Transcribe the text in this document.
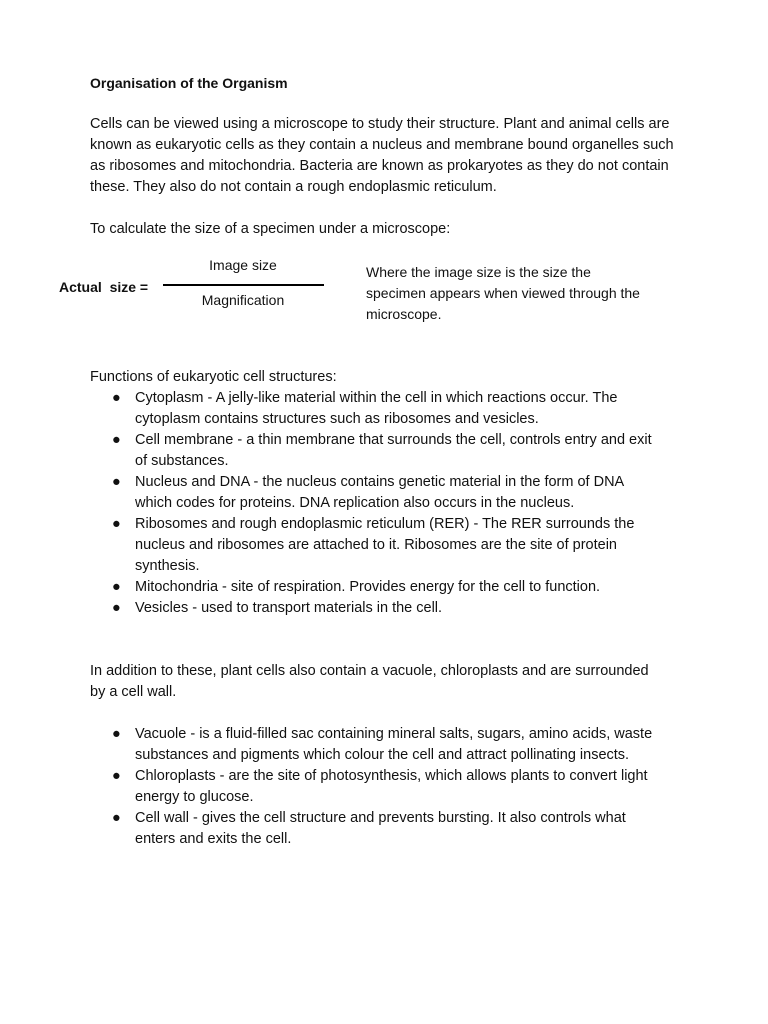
Organisation of the Organism
Cells can be viewed using a microscope to study their structure. Plant and animal cells are known as eukaryotic cells as they contain a nucleus and membrane bound organelles such as ribosomes and mitochondria. Bacteria are known as prokaryotes as they do not contain these. They also do not contain a rough endoplasmic reticulum.
To calculate the size of a specimen under a microscope:
Actual  size =
Image size
Magnification
Where the image size is the size the specimen appears when viewed through the microscope.
Functions of eukaryotic cell structures:
● Cytoplasm - A jelly-like material within the cell in which reactions occur. The cytoplasm contains structures such as ribosomes and vesicles.
● Cell membrane - a thin membrane that surrounds the cell, controls entry and exit of substances.
● Nucleus and DNA - the nucleus contains genetic material in the form of DNA which codes for proteins. DNA replication also occurs in the nucleus.
● Ribosomes and rough endoplasmic reticulum (RER) - The RER surrounds the nucleus and ribosomes are attached to it. Ribosomes are the site of protein synthesis.
● Mitochondria - site of respiration. Provides energy for the cell to function.
● Vesicles - used to transport materials in the cell.
In addition to these, plant cells also contain a vacuole, chloroplasts and are surrounded by a cell wall.
● Vacuole - is a fluid-filled sac containing mineral salts, sugars, amino acids, waste substances and pigments which colour the cell and attract pollinating insects.
● Chloroplasts - are the site of photosynthesis, which allows plants to convert light energy to glucose.
● Cell wall - gives the cell structure and prevents bursting. It also controls what enters and exits the cell.
